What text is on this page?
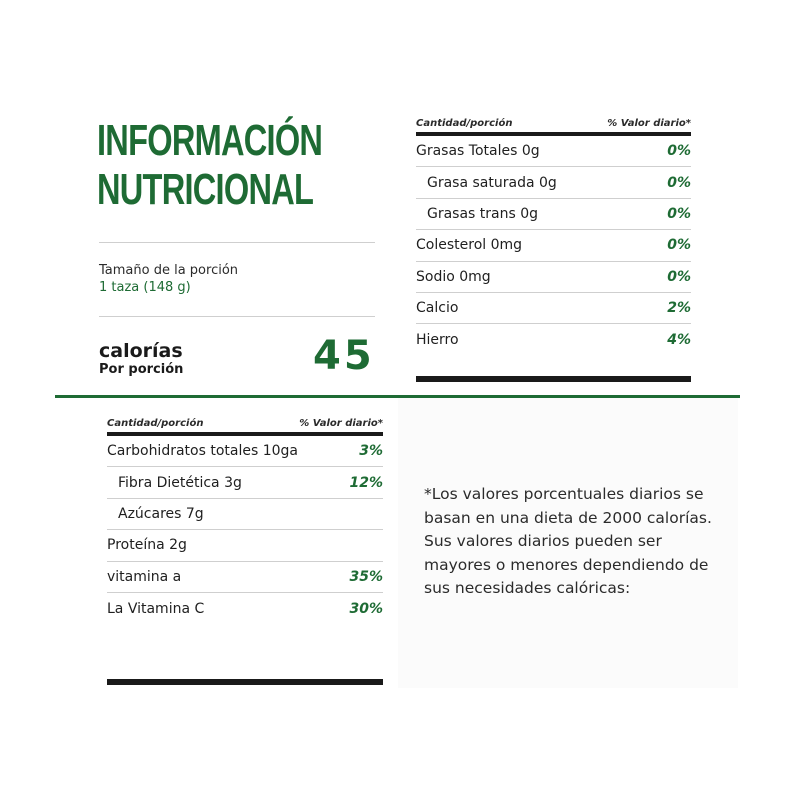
INFORMACIÓN
NUTRICIONAL
Tamaño de la porción
1 taza (148 g)
calorías
Por porción	45
Cantidad/porción	% Valor diario*
Grasas Totales 0g	0%
Grasa saturada 0g	0%
Grasas trans 0g	0%
Colesterol 0mg	0%
Sodio 0mg	0%
Calcio	2%
Hierro	4%
Cantidad/porción	% Valor diario*
Carbohidratos totales 10ga	3%
Fibra Dietética 3g	12%
Azúcares 7g
Proteína 2g
vitamina a	35%
La Vitamina C	30%
*Los valores porcentuales diarios se basan en una dieta de 2000 calorías. Sus valores diarios pueden ser mayores o menores dependiendo de sus necesidades calóricas:
